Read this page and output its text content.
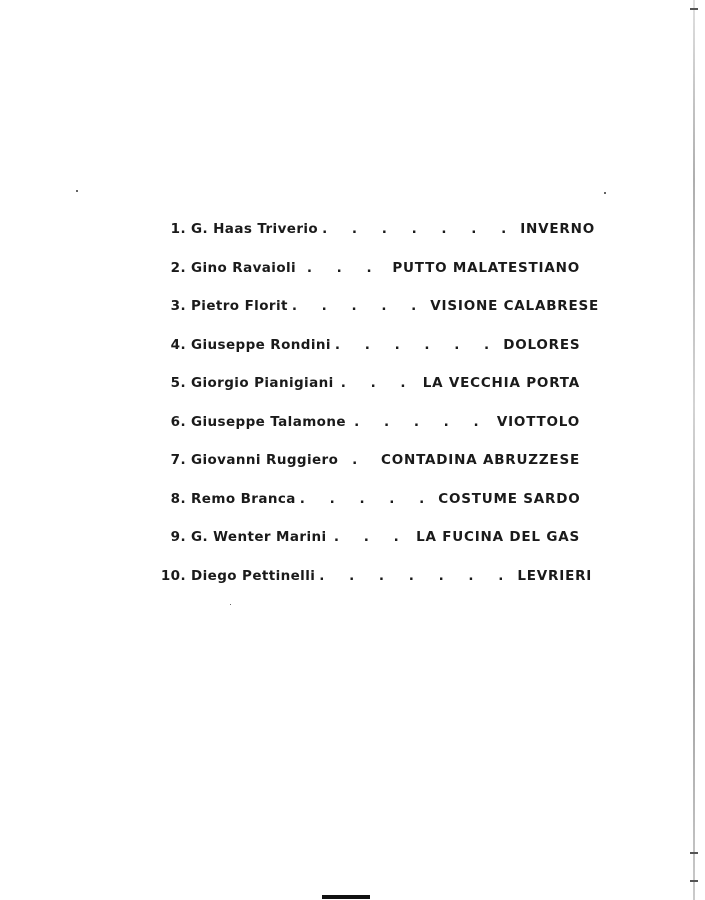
1. G. Haas Triverio . . . . . . . INVERNO
2. Gino Ravaioli . . . PUTTO MALATESTIANO
3. Pietro Florit . . . . . VISIONE CALABRESE
4. Giuseppe Rondini . . . . . . DOLORES
5. Giorgio Pianigiani . . . LA VECCHIA PORTA
6. Giuseppe Talamone . . . . . VIOTTOLO
7. Giovanni Ruggiero	.	CONTADINA ABRUZZESE
8. Remo Branca . . . . . COSTUME SARDO
9. G. Wenter Marini . . . LA FUCINA DEL GAS
10. Diego Pettinelli . . . . . . . LEVRIERI
